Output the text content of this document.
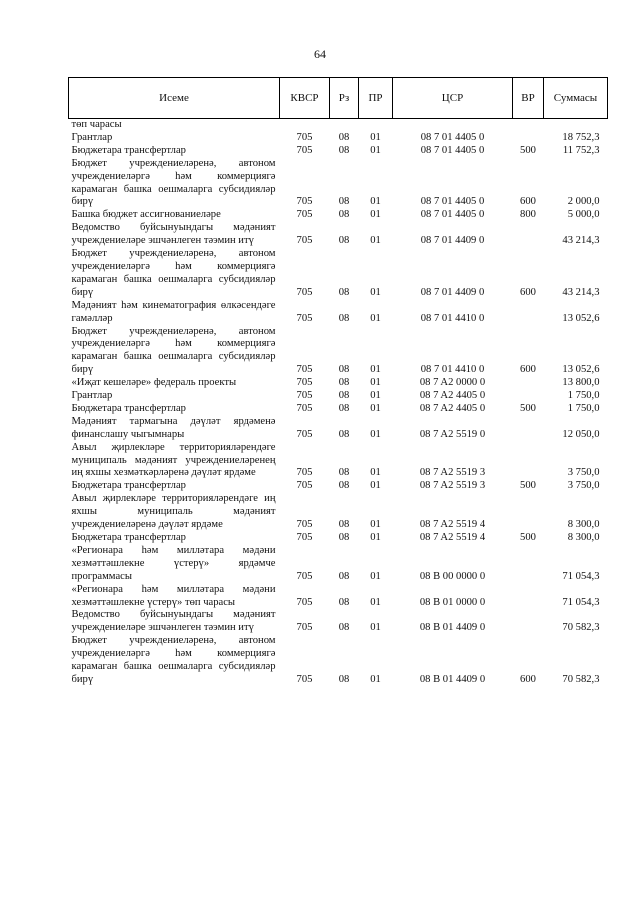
64
Исеме	КВСР	Рз	ПР	ЦСР	ВР	Суммасы
төп чарасы						
Грантлар	705	08	01	08 7 01 4405 0		18 752,3
Бюджетара трансфертлар	705	08	01	08 7 01 4405 0	500	11 752,3
Бюджет учреждениеләренә, автоном учреждениеләргә һәм коммерциягә карамаган башка оешмаларга субсидияләр бирү	705	08	01	08 7 01 4405 0	600	2 000,0
Башка бюджет ассигнованиеләре	705	08	01	08 7 01 4405 0	800	5 000,0
Ведомство буйсынуындагы мәдәният учреждениеләре эшчәнлеген тәэмин итү	705	08	01	08 7 01 4409 0		43 214,3
Бюджет учреждениеләренә, автоном учреждениеләргә һәм коммерциягә карамаган башка оешмаларга субсидияләр бирү	705	08	01	08 7 01 4409 0	600	43 214,3
Мәдәният һәм кинематография өлкәсендәге гамәлләр	705	08	01	08 7 01 4410 0		13 052,6
Бюджет учреждениеләренә, автоном учреждениеләргә һәм коммерциягә карамаган башка оешмаларга субсидияләр бирү	705	08	01	08 7 01 4410 0	600	13 052,6
«Иҗат кешеләре» федераль проекты	705	08	01	08 7 A2 0000 0		13 800,0
Грантлар	705	08	01	08 7 A2 4405 0		1 750,0
Бюджетара трансфертлар	705	08	01	08 7 A2 4405 0	500	1 750,0
Мәдәният тармагына дәүләт ярдәменә финанслашу чыгымнары	705	08	01	08 7 A2 5519 0		12 050,0
Авыл җирлекләре территорияләрендәге муниципаль мәдәният учреждениеләренең иң яхшы хезмәткәрләренә дәүләт ярдәме	705	08	01	08 7 A2 5519 3		3 750,0
Бюджетара трансфертлар	705	08	01	08 7 A2 5519 3	500	3 750,0
Авыл җирлекләре территорияләрендәге иң яхшы муниципаль мәдәният учреждениеләренә дәүләт ярдәме	705	08	01	08 7 A2 5519 4		8 300,0
Бюджетара трансфертлар	705	08	01	08 7 A2 5519 4	500	8 300,0
«Регионара һәм милләтара мәдәни хезмәттәшлекне үстерү» ярдәмче программасы	705	08	01	08 В 00 0000 0		71 054,3
«Регионара һәм милләтара мәдәни хезмәттәшлекне үстерү» төп чарасы	705	08	01	08 В 01 0000 0		71 054,3
Ведомство буйсынуындагы мәдәният учреждениеләре эшчәнлеген тәэмин итү	705	08	01	08 В 01 4409 0		70 582,3
Бюджет учреждениеләренә, автоном учреждениеләргә һәм коммерциягә карамаган башка оешмаларга субсидияләр бирү	705	08	01	08 В 01 4409 0	600	70 582,3
